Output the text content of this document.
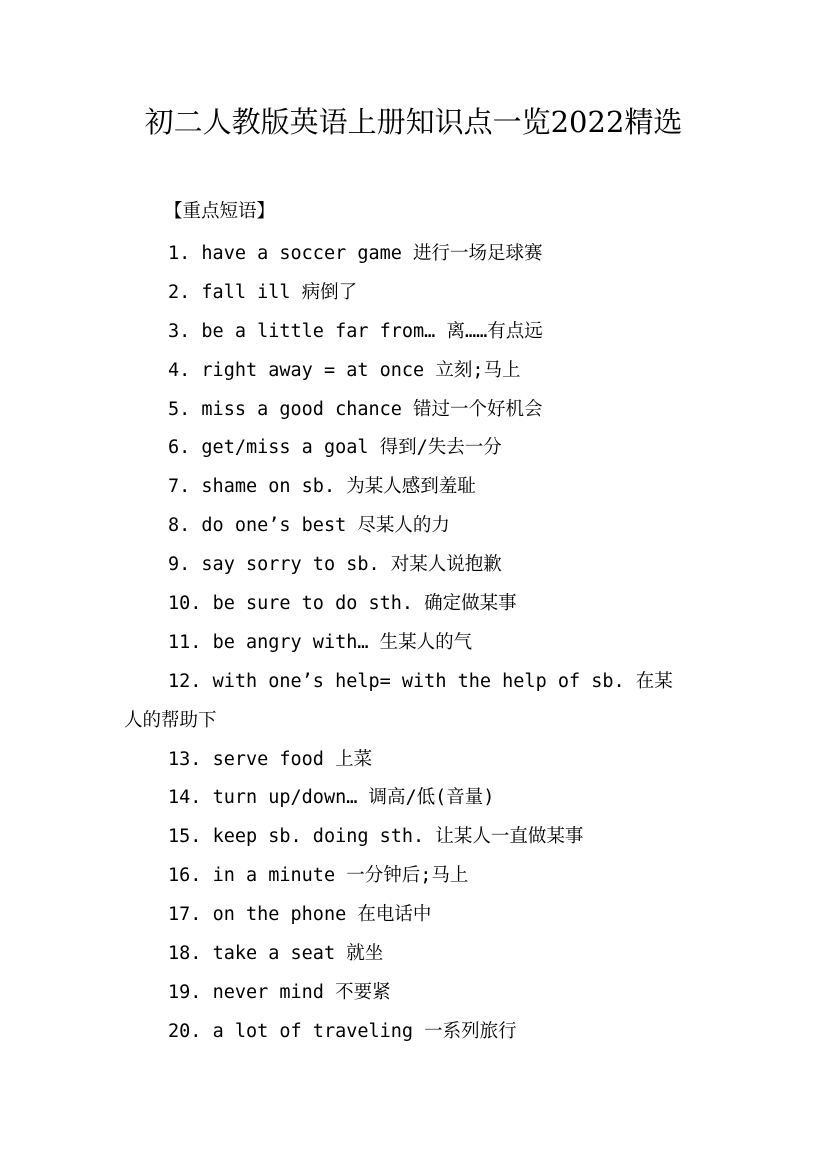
初二人教版英语上册知识点一览2022精选
【重点短语】
1. have a soccer game 进行一场足球赛
2. fall ill 病倒了
3. be a little far from… 离……有点远
4. right away = at once 立刻;马上
5. miss a good chance 错过一个好机会
6. get/miss a goal 得到/失去一分
7. shame on sb. 为某人感到羞耻
8. do one’s best 尽某人的力
9. say sorry to sb. 对某人说抱歉
10. be sure to do sth. 确定做某事
11. be angry with… 生某人的气
12. with one’s help= with the help of sb. 在某
人的帮助下
13. serve food 上菜
14. turn up/down… 调高/低(音量)
15. keep sb. doing sth. 让某人一直做某事
16. in a minute 一分钟后;马上
17. on the phone 在电话中
18. take a seat 就坐
19. never mind 不要紧
20. a lot of traveling 一系列旅行
